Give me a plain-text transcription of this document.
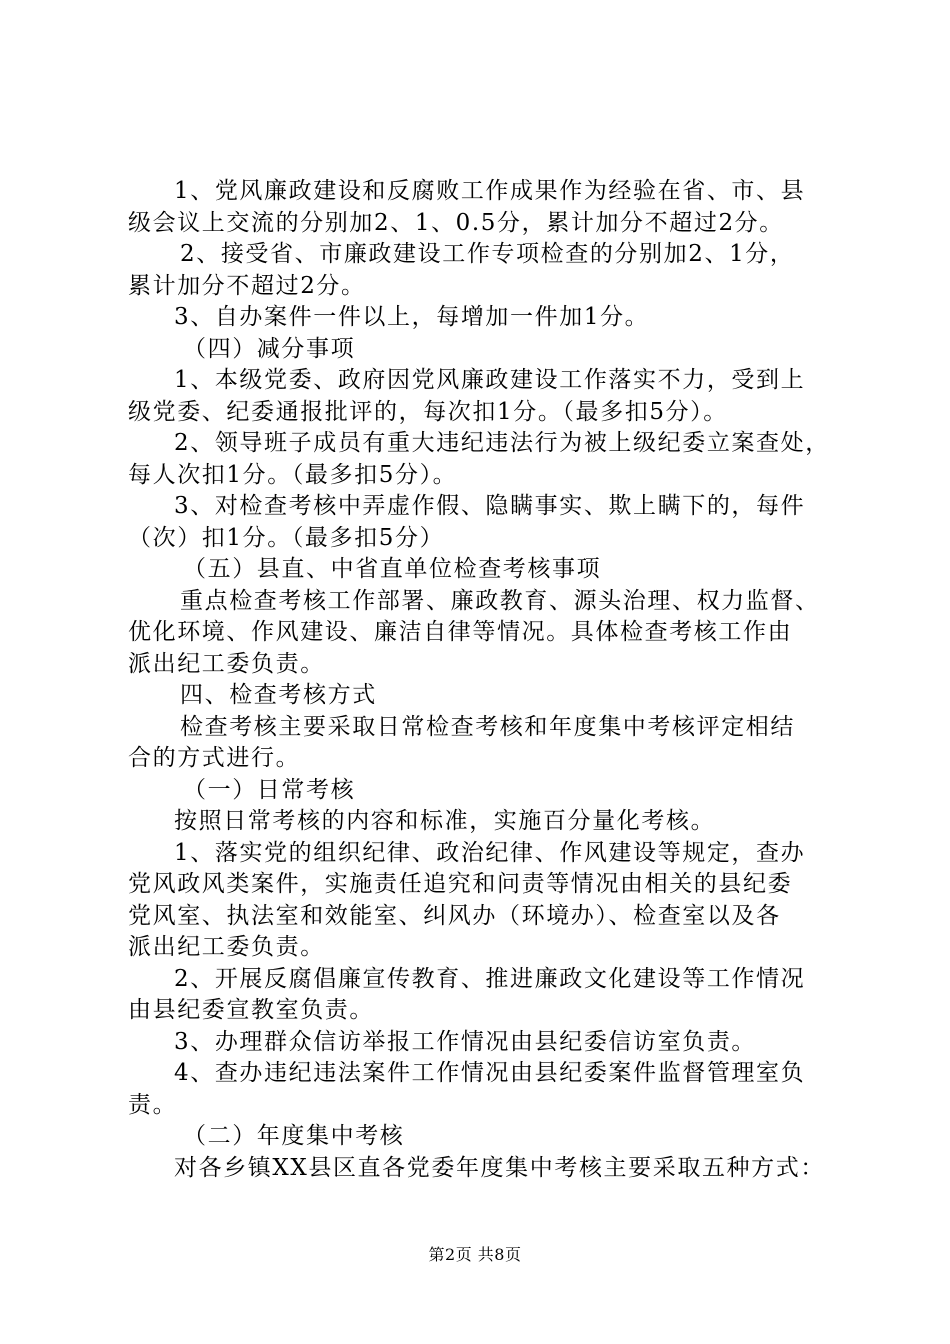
1、党风廉政建设和反腐败工作成果作为经验在省、市、县
级会议上交流的分别加2、1、0.5分，累计加分不超过2分。
2、接受省、市廉政建设工作专项检查的分别加2、1分，
累计加分不超过2分。
3、自办案件一件以上，每增加一件加1分。
（四）减分事项
1、本级党委、政府因党风廉政建设工作落实不力，受到上
级党委、纪委通报批评的，每次扣1分。（最多扣5分）。
2、领导班子成员有重大违纪违法行为被上级纪委立案查处，
每人次扣1分。（最多扣5分）。
3、对检查考核中弄虚作假、隐瞒事实、欺上瞒下的，每件
（次）扣1分。（最多扣5分）
（五）县直、中省直单位检查考核事项
重点检查考核工作部署、廉政教育、源头治理、权力监督、
优化环境、作风建设、廉洁自律等情况。具体检查考核工作由
派出纪工委负责。
四、检查考核方式
检查考核主要采取日常检查考核和年度集中考核评定相结
合的方式进行。
（一）日常考核
按照日常考核的内容和标准，实施百分量化考核。
1、落实党的组织纪律、政治纪律、作风建设等规定，查办
党风政风类案件，实施责任追究和问责等情况由相关的县纪委
党风室、执法室和效能室、纠风办（环境办）、检查室以及各
派出纪工委负责。
2、开展反腐倡廉宣传教育、推进廉政文化建设等工作情况
由县纪委宣教室负责。
3、办理群众信访举报工作情况由县纪委信访室负责。
4、查办违纪违法案件工作情况由县纪委案件监督管理室负
责。
（二）年度集中考核
对各乡镇XX县区直各党委年度集中考核主要采取五种方式：
第2页 共8页
